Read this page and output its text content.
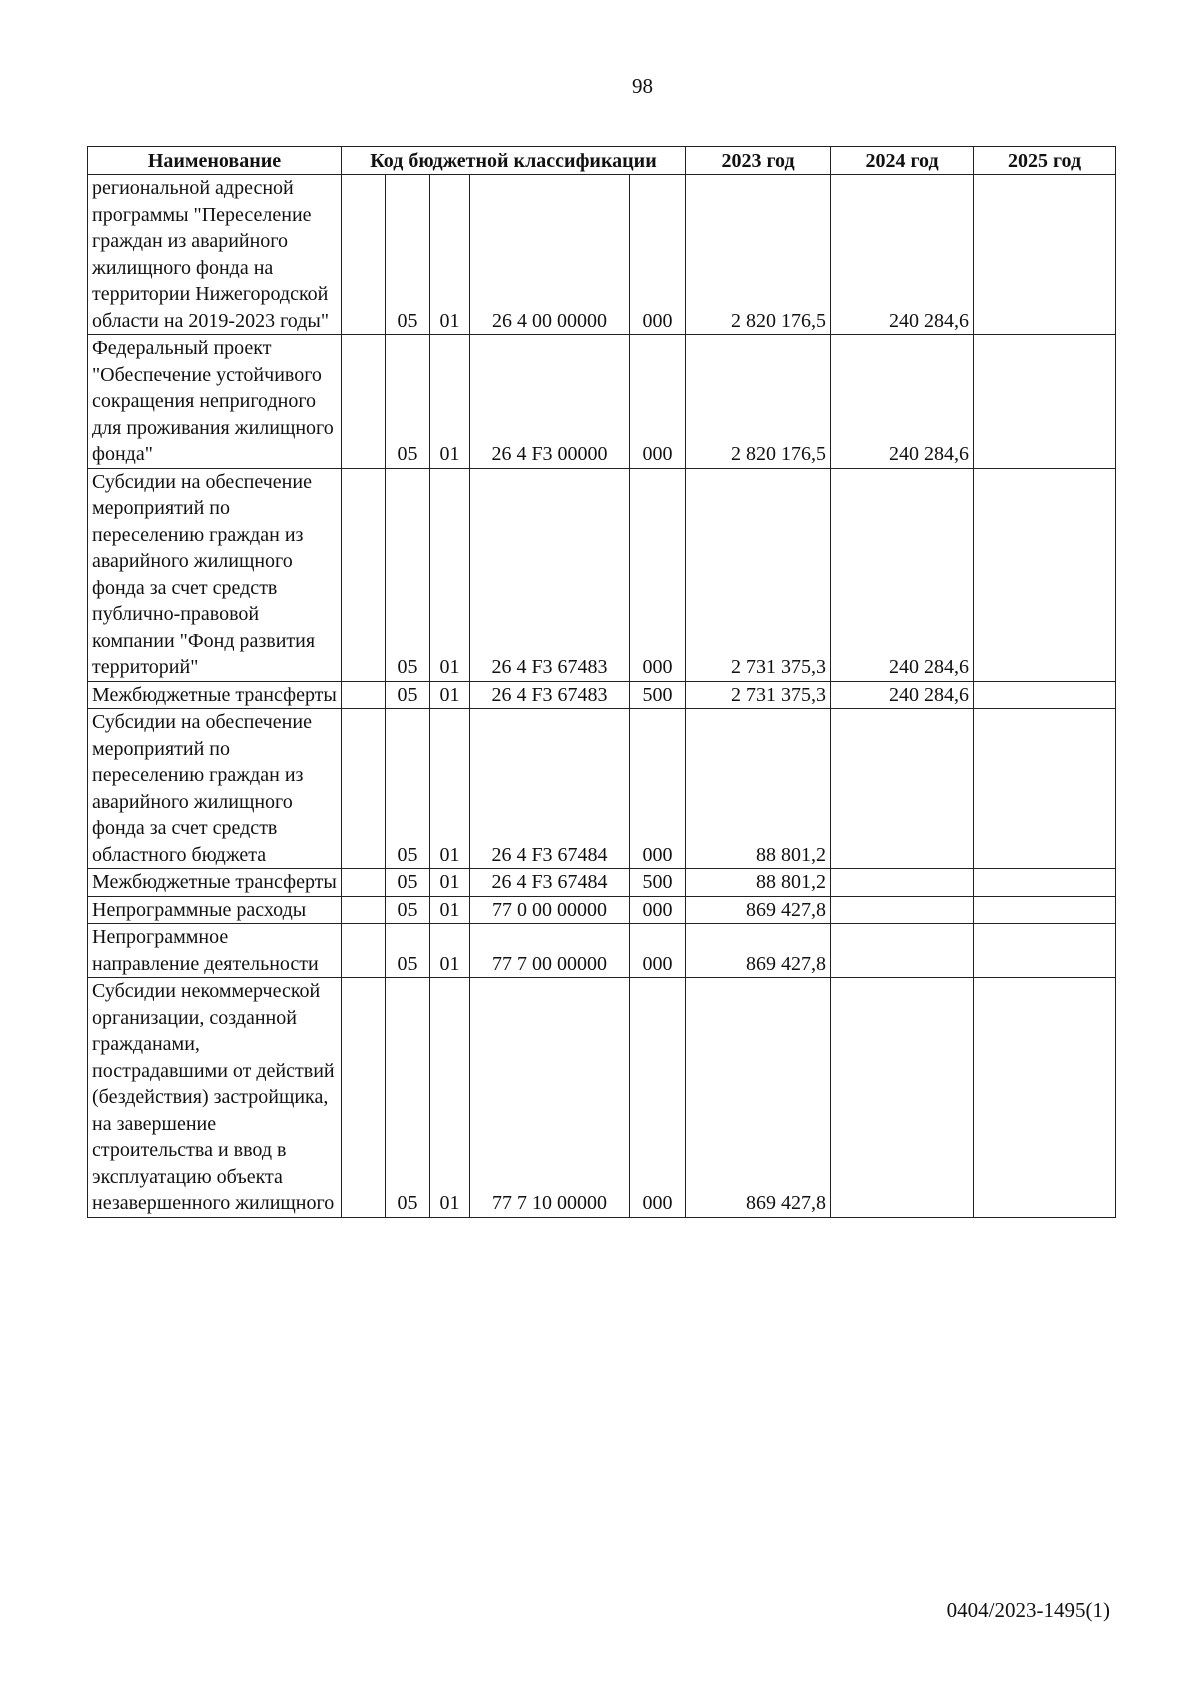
98
Наименование	Код бюджетной классификации					2023 год	2024 год	2025 год
региональной адресной программы "Переселение граждан из аварийного жилищного фонда на территории Нижегородской области на 2019-2023 годы"		05	01	26 4 00 00000	000	2 820 176,5	240 284,6	
Федеральный проект "Обеспечение устойчивого сокращения непригодного для проживания жилищного фонда"		05	01	26 4 F3 00000	000	2 820 176,5	240 284,6	
Субсидии на обеспечение мероприятий по переселению граждан из аварийного жилищного фонда за счет средств публично-правовой компании "Фонд развития территорий"		05	01	26 4 F3 67483	000	2 731 375,3	240 284,6	
Межбюджетные трансферты		05	01	26 4 F3 67483	500	2 731 375,3	240 284,6	
Субсидии на обеспечение мероприятий по переселению граждан из аварийного жилищного фонда за счет средств областного бюджета		05	01	26 4 F3 67484	000	88 801,2		
Межбюджетные трансферты		05	01	26 4 F3 67484	500	88 801,2		
Непрограммные расходы		05	01	77 0 00 00000	000	869 427,8		
Непрограммное направление деятельности		05	01	77 7 00 00000	000	869 427,8		
Субсидии некоммерческой организации, созданной гражданами, пострадавшими от действий (бездействия) застройщика, на завершение строительства и ввод в эксплуатацию объекта незавершенного жилищного		05	01	77 7 10 00000	000	869 427,8		
0404/2023-1495(1)
